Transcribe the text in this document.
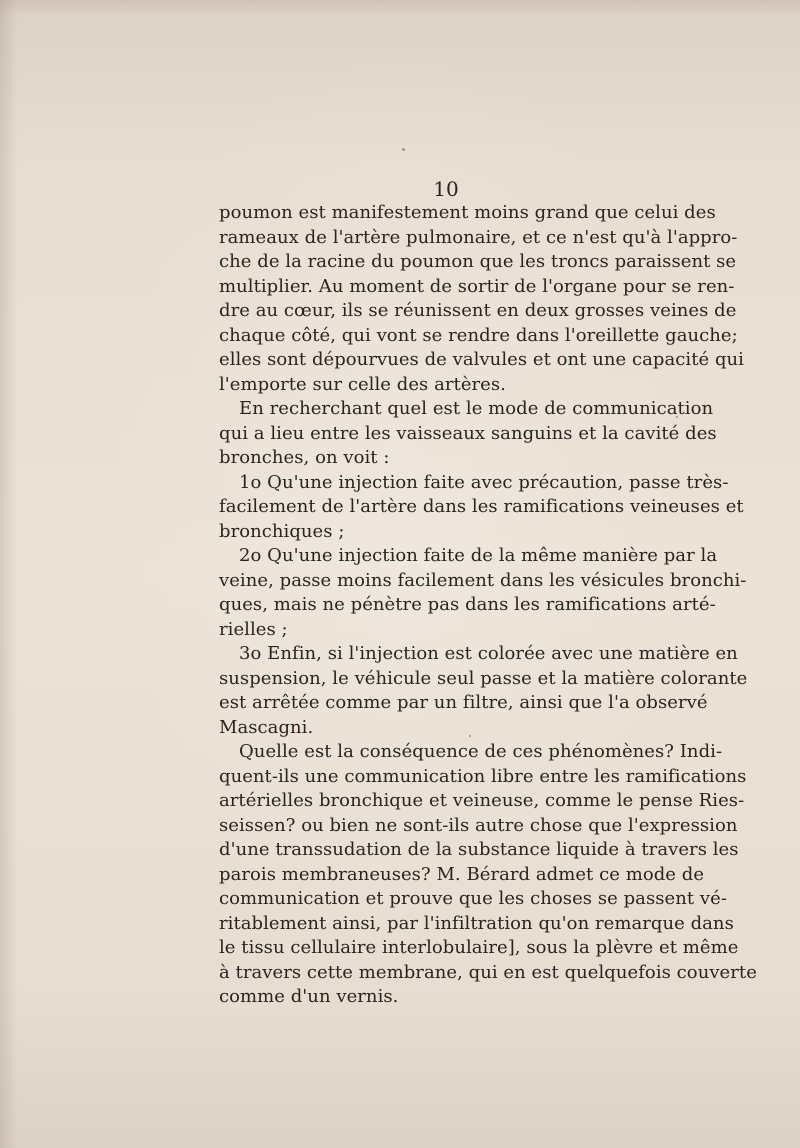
10
poumon est manifestement moins grand que celui des
rameaux de l'artère pulmonaire, et ce n'est qu'à l'appro-
che de la racine du poumon que les troncs paraissent se
multiplier. Au moment de sortir de l'organe pour se ren-
dre au cœur, ils se réunissent en deux grosses veines de
chaque côté, qui vont se rendre dans l'oreillette gauche;
elles sont dépourvues de valvules et ont une capacité qui
l'emporte sur celle des artères.
En recherchant quel est le mode de communication
qui a lieu entre les vaisseaux sanguins et la cavité des
bronches, on voit :
1o Qu'une injection faite avec précaution, passe très-
facilement de l'artère dans les ramifications veineuses et
bronchiques ;
2o Qu'une injection faite de la même manière par la
veine, passe moins facilement dans les vésicules bronchi-
ques, mais ne pénètre pas dans les ramifications arté-
rielles ;
3o Enfin, si l'injection est colorée avec une matière en
suspension, le véhicule seul passe et la matière colorante
est arrêtée comme par un filtre, ainsi que l'a observé
Mascagni.
Quelle est la conséquence de ces phénomènes? Indi-
quent-ils une communication libre entre les ramifications
artérielles bronchique et veineuse, comme le pense Ries-
seissen? ou bien ne sont-ils autre chose que l'expression
d'une transsudation de la substance liquide à travers les
parois membraneuses? M. Bérard admet ce mode de
communication et prouve que les choses se passent vé-
ritablement ainsi, par l'infiltration qu'on remarque dans
le tissu cellulaire interlobulaire], sous la plèvre et même
à travers cette membrane, qui en est quelquefois couverte
comme d'un vernis.
